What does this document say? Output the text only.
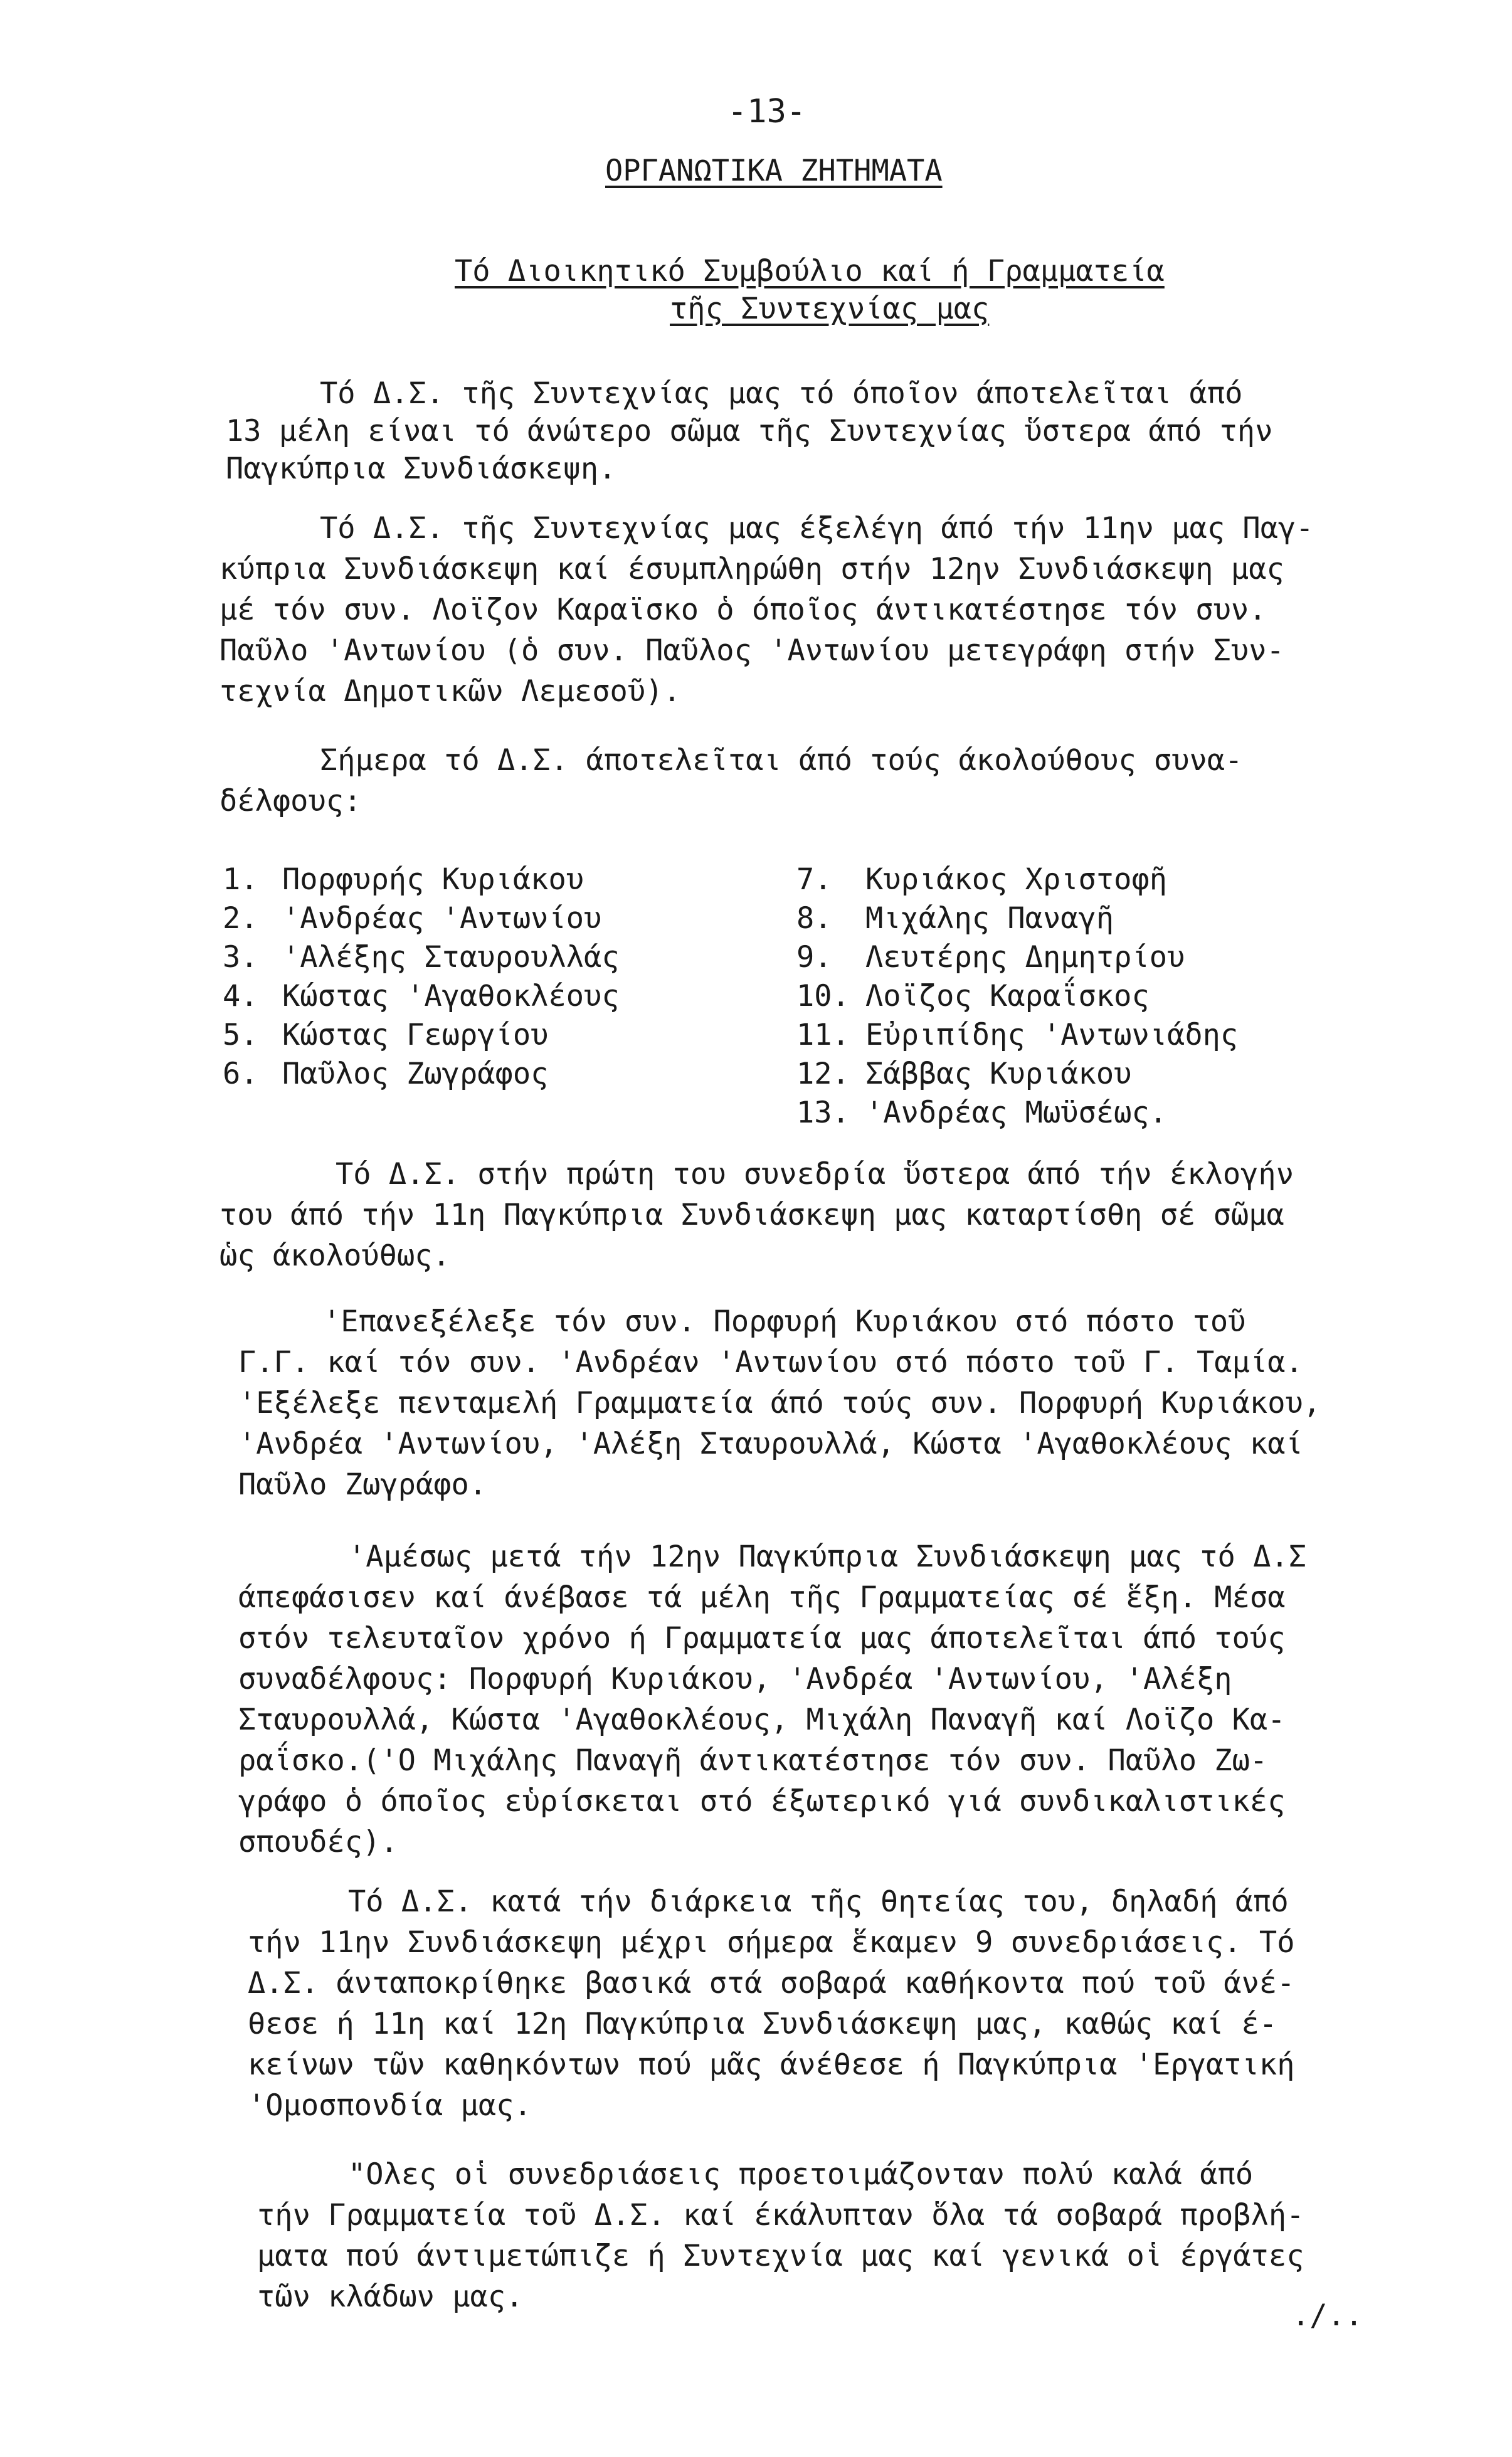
-13-
ΟΡΓΑΝΩΤΙΚΑ ΖΗΤΗΜΑΤΑ
Τό Διοικητικό Συμβούλιο καί ή Γραμματεία
τῆς Συντεχνίας μας
Τό Δ.Σ. τῆς Συντεχνίας μας τό όποῖον άποτελεῖται άπό
13 μέλη είναι τό άνώτερο σῶμα τῆς Συντεχνίας ὕστερα άπό τήν
Παγκύπρια Συνδιάσκεψη.
Τό Δ.Σ. τῆς Συντεχνίας μας έξελέγη άπό τήν 11ην μας Παγ-
κύπρια Συνδιάσκεψη καί έσυμπληρώθη στήν 12ην Συνδιάσκεψη μας
μέ τόν συν. Λοϊζον Καραϊσκο ὁ όποῖος άντικατέστησε τόν συν.
Παῦλο 'Αντωνίου (ὁ συν. Παῦλος 'Αντωνίου μετεγράφη στήν Συν-
τεχνία Δημοτικῶν Λεμεσοῦ).
Σήμερα τό Δ.Σ. άποτελεῖται άπό τούς άκολούθους συνα-
δέλφους:
1. Πορφυρής Κυριάκου
2. 'Ανδρέας 'Αντωνίου
3. 'Αλέξης Σταυρουλλάς
4. Κώστας 'Αγαθοκλέους
5. Κώστας Γεωργίου
6. Παῦλος Ζωγράφος
7. Κυριάκος Χριστοφῆ
8. Μιχάλης Παναγῆ
9. Λευτέρης Δημητρίου
10. Λοϊζος Καραΐσκος
11. Εὐριπίδης 'Αντωνιάδης
12. Σάββας Κυριάκου
13. 'Ανδρέας Μωϋσέως.
Τό Δ.Σ. στήν πρώτη του συνεδρία ὕστερα άπό τήν έκλογήν
του άπό τήν 11η Παγκύπρια Συνδιάσκεψη μας καταρτίσθη σέ σῶμα
ὡς άκολούθως.
'Επανεξέλεξε τόν συν. Πορφυρή Κυριάκου στό πόστο τοῦ
Γ.Γ. καί τόν συν. 'Ανδρέαν 'Αντωνίου στό πόστο τοῦ Γ. Ταμία.
'Εξέλεξε πενταμελή Γραμματεία άπό τούς συν. Πορφυρή Κυριάκου,
'Ανδρέα 'Αντωνίου, 'Αλέξη Σταυρουλλά, Κώστα 'Αγαθοκλέους καί
Παῦλο Ζωγράφο.
'Αμέσως μετά τήν 12ην Παγκύπρια Συνδιάσκεψη μας τό Δ.Σ
άπεφάσισεν καί άνέβασε τά μέλη τῆς Γραμματείας σέ ἕξη. Μέσα
στόν τελευταῖον χρόνο ή Γραμματεία μας άποτελεῖται άπό τούς
συναδέλφους: Πορφυρή Κυριάκου, 'Ανδρέα 'Αντωνίου, 'Αλέξη
Σταυρουλλά, Κώστα 'Αγαθοκλέους, Μιχάλη Παναγῆ καί Λοϊζο Κα-
ραΐσκο.('Ο Μιχάλης Παναγῆ άντικατέστησε τόν συν. Παῦλο Ζω-
γράφο ὁ όποῖος εὑρίσκεται στό έξωτερικό γιά συνδικαλιστικές
σπουδές).
Τό Δ.Σ. κατά τήν διάρκεια τῆς θητείας του, δηλαδή άπό
τήν 11ην Συνδιάσκεψη μέχρι σήμερα ἕκαμεν 9 συνεδριάσεις. Τό
Δ.Σ. άνταποκρίθηκε βασικά στά σοβαρά καθήκοντα πού τοῦ άνέ-
θεσε ή 11η καί 12η Παγκύπρια Συνδιάσκεψη μας, καθώς καί έ-
κείνων τῶν καθηκόντων πού μᾶς άνέθεσε ή Παγκύπρια 'Εργατική
'Ομοσπονδία μας.
"Ολες οἱ συνεδριάσεις προετοιμάζονταν πολύ καλά άπό
τήν Γραμματεία τοῦ Δ.Σ. καί έκάλυπταν ὅλα τά σοβαρά προβλή-
ματα πού άντιμετώπιζε ή Συντεχνία μας καί γενικά οἱ έργάτες
τῶν κλάδων μας.
./..
